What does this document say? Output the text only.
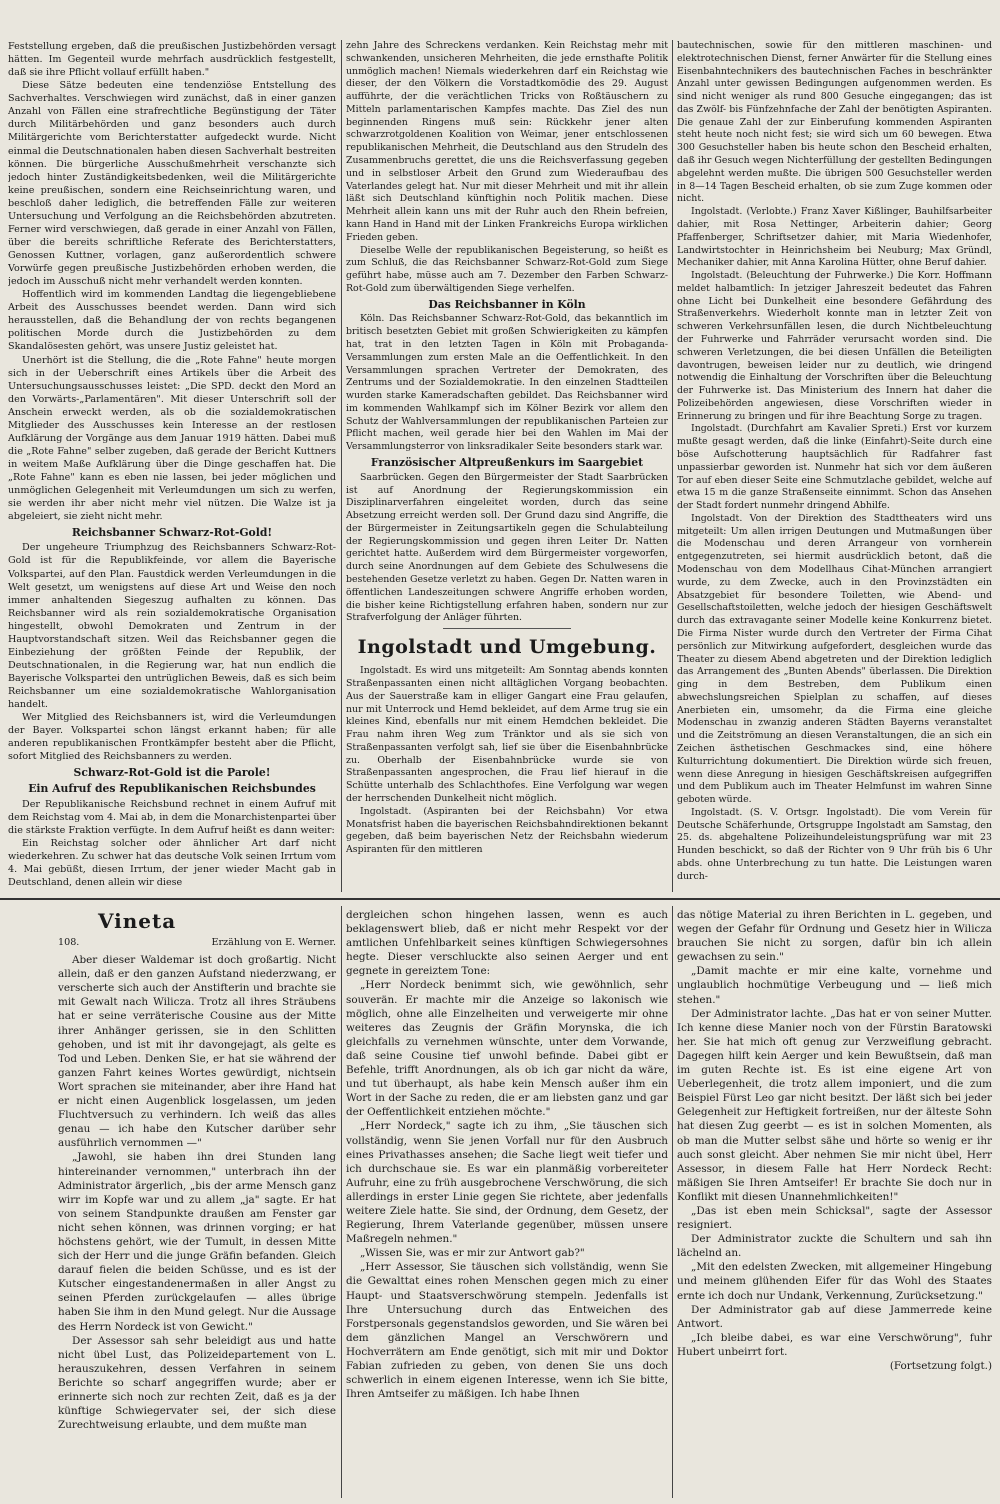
Feststellung ergeben, daß die preußischen Justizbehörden versagt hätten. Im Gegenteil wurde mehrfach ausdrücklich festgestellt, daß sie ihre Pflicht vollauf erfüllt haben."

Diese Sätze bedeuten eine tendenziöse Entstellung des Sachverhaltes. Verschwiegen wird zunächst, daß in einer ganzen Anzahl von Fällen eine strafrechtliche Begünstigung der Täter durch Militärbehörden und ganz besonders auch durch Militärgerichte vom Berichterstatter aufgedeckt wurde. Nicht einmal die Deutschnationalen haben diesen Sachverhalt bestreiten können. Die bürgerliche Ausschußmehrheit verschanzte sich jedoch hinter Zuständigkeitsbedenken, weil die Militärgerichte keine preußischen, sondern eine Reichseinrichtung waren, und beschloß daher lediglich, die betreffenden Fälle zur weiteren Untersuchung und Verfolgung an die Reichsbehörden abzutreten. Ferner wird verschwiegen, daß gerade in einer Anzahl von Fällen, über die bereits schriftliche Referate des Berichterstatters, Genossen Kuttner, vorlagen, ganz außerordentlich schwere Vorwürfe gegen preußische Justizbehörden erhoben werden, die jedoch im Ausschuß nicht mehr verhandelt werden konnten.

Hoffentlich wird im kommenden Landtag die liegengebliebene Arbeit des Ausschusses beendet werden. Dann wird sich herausstellen, daß die Behandlung der von rechts begangenen politischen Morde durch die Justizbehörden zu dem Skandalösesten gehört, was unsere Justiz geleistet hat.

Unerhört ist die Stellung, die die „Rote Fahne" heute morgen sich in der Ueberschrift eines Artikels über die Arbeit des Untersuchungsausschusses leistet: „Die SPD. deckt den Mord an den Vorwärts-„Parlamentären". Mit dieser Unterschrift soll der Anschein erweckt werden, als ob die sozialdemokratischen Mitglieder des Ausschusses kein Interesse an der restlosen Aufklärung der Vorgänge aus dem Januar 1919 hätten. Dabei muß die „Rote Fahne" selber zugeben, daß gerade der Bericht Kuttners in weitem Maße Aufklärung über die Dinge geschaffen hat. Die „Rote Fahne" kann es eben nie lassen, bei jeder möglichen und unmöglichen Gelegenheit mit Verleumdungen um sich zu werfen, sie werden ihr aber nicht mehr viel nützen. Die Walze ist ja abgeleiert, sie zieht nicht mehr.

Reichsbanner Schwarz-Rot-Gold!

Der ungeheure Triumphzug des Reichsbanners Schwarz-Rot-Gold ist für die Republikfeinde, vor allem die Bayerische Volkspartei, auf den Plan. Faustdick werden Verleumdungen in die Welt gesetzt, um wenigstens auf diese Art und Weise den noch immer anhaltenden Siegeszug aufhalten zu können. Das Reichsbanner wird als rein sozialdemokratische Organisation hingestellt, obwohl Demokraten und Zentrum in der Hauptvorstandschaft sitzen. Weil das Reichsbanner gegen die Einbeziehung der größten Feinde der Republik, der Deutschnationalen, in die Regierung war, hat nun endlich die Bayerische Volkspartei den untrüglichen Beweis, daß es sich beim Reichsbanner um eine sozialdemokratische Wahlorganisation handelt.

Wer Mitglied des Reichsbanners ist, wird die Verleumdungen der Bayer. Volkspartei schon längst erkannt haben; für alle anderen republikanischen Frontkämpfer besteht aber die Pflicht, sofort Mitglied des Reichsbanners zu werden.

Schwarz-Rot-Gold ist die Parole!
Ein Aufruf des Republikanischen Reichsbundes

Der Republikanische Reichsbund rechnet in einem Aufruf mit dem Reichstag vom 4. Mai ab, in dem die Monarchistenpartei über die stärkste Fraktion verfügte. In dem Aufruf heißt es dann weiter:

Ein Reichstag solcher oder ähnlicher Art darf nicht wiederkehren. Zu schwer hat das deutsche Volk seinen Irrtum vom 4. Mai gebüßt, diesen Irrtum, der jener wieder Macht gab in Deutschland, denen allein wir diese

zehn Jahre des Schreckens verdanken. Kein Reichstag mehr mit schwankenden, unsicheren Mehrheiten, die jede ernsthafte Politik unmöglich machen! Niemals wiederkehren darf ein Reichstag wie dieser, der den Völkern die Vorstadtkomödie des 29. August aufführte, der die verächtlichen Tricks von Roßtäuschern zu Mitteln parlamentarischen Kampfes machte. Das Ziel des nun beginnenden Ringens muß sein: Rückkehr jener alten schwarzrotgoldenen Koalition von Weimar, jener entschlossenen republikanischen Mehrheit, die Deutschland aus den Strudeln des Zusammenbruchs gerettet, die uns die Reichsverfassung gegeben und in selbstloser Arbeit den Grund zum Wiederaufbau des Vaterlandes gelegt hat. Nur mit dieser Mehrheit und mit ihr allein läßt sich Deutschland künftighin noch Politik machen. Diese Mehrheit allein kann uns mit der Ruhr auch den Rhein befreien, kann Hand in Hand mit der Linken Frankreichs Europa wirklichen Frieden geben.

Dieselbe Welle der republikanischen Begeisterung, so heißt es zum Schluß, die das Reichsbanner Schwarz-Rot-Gold zum Siege geführt habe, müsse auch am 7. Dezember den Farben Schwarz-Rot-Gold zum überwältigenden Siege verhelfen.

Das Reichsbanner in Köln

Köln. Das Reichsbanner Schwarz-Rot-Gold, das bekanntlich im britisch besetzten Gebiet mit großen Schwierigkeiten zu kämpfen hat, trat in den letzten Tagen in Köln mit Probaganda-Versammlungen zum ersten Male an die Oeffentlichkeit. In den Versammlungen sprachen Vertreter der Demokraten, des Zentrums und der Sozialdemokratie. In den einzelnen Stadtteilen wurden starke Kameradschaften gebildet. Das Reichsbanner wird im kommenden Wahlkampf sich im Kölner Bezirk vor allem den Schutz der Wahlversammlungen der republikanischen Parteien zur Pflicht machen, weil gerade hier bei den Wahlen im Mai der Versammlungsterror von linksradikaler Seite besonders stark war.

Französischer Altpreußenkurs im Saargebiet

Saarbrücken. Gegen den Bürgermeister der Stadt Saarbrücken ist auf Anordnung der Regierungskommission ein Disziplinarverfahren eingeleitet worden, durch das seine Absetzung erreicht werden soll. Der Grund dazu sind Angriffe, die der Bürgermeister in Zeitungsartikeln gegen die Schulabteilung der Regierungskommission und gegen ihren Leiter Dr. Natten gerichtet hatte. Außerdem wird dem Bürgermeister vorgeworfen, durch seine Anordnungen auf dem Gebiete des Schulwesens die bestehenden Gesetze verletzt zu haben. Gegen Dr. Natten waren in öffentlichen Landeszeitungen schwere Angriffe erhoben worden, die bisher keine Richtigstellung erfahren haben, sondern nur zur Strafverfolgung der Anläger führten.

Ingolstadt und Umgebung.

Ingolstadt. Es wird uns mitgeteilt: Am Sonntag abends konnten Straßenpassanten einen nicht alltäglichen Vorgang beobachten. Aus der Sauerstraße kam in elliger Gangart eine Frau gelaufen, nur mit Unterrock und Hemd bekleidet, auf dem Arme trug sie ein kleines Kind, ebenfalls nur mit einem Hemdchen bekleidet. Die Frau nahm ihren Weg zum Tränktor und als sie sich von Straßenpassanten verfolgt sah, lief sie über die Eisenbahnbrücke zu. Oberhalb der Eisenbahnbrücke wurde sie von Straßenpassanten angesprochen, die Frau lief hierauf in die Schütte unterhalb des Schlachthofes. Eine Verfolgung war wegen der herrschenden Dunkelheit nicht möglich.

Ingolstadt. (Aspiranten bei der Reichsbahn) Vor etwa Monatsfrist haben die bayerischen Reichsbahndirektionen bekannt gegeben, daß beim bayerischen Netz der Reichsbahn wiederum Aspiranten für den mittleren

bautechnischen, sowie für den mittleren maschinen- und elektrotechnischen Dienst, ferner Anwärter für die Stellung eines Eisenbahntechnikers des bautechnischen Faches in beschränkter Anzahl unter gewissen Bedingungen aufgenommen werden. Es sind nicht weniger als rund 800 Gesuche eingegangen; das ist das Zwölf- bis Fünfzehnfache der Zahl der benötigten Aspiranten. Die genaue Zahl der zur Einberufung kommenden Aspiranten steht heute noch nicht fest; sie wird sich um 60 bewegen. Etwa 300 Gesuchsteller haben bis heute schon den Bescheid erhalten, daß ihr Gesuch wegen Nichterfüllung der gestellten Bedingungen abgelehnt werden mußte. Die übrigen 500 Gesuchsteller werden in 8—14 Tagen Bescheid erhalten, ob sie zum Zuge kommen oder nicht.

Ingolstadt. (Verlobte.) Franz Xaver Kißlinger, Bauhilfsarbeiter dahier, mit Rosa Nettinger, Arbeiterin dahier; Georg Pfaffenberger, Schriftsetzer dahier, mit Maria Wiedenhofer, Landwirtstochter in Heinrichsheim bei Neuburg; Max Gründl, Mechaniker dahier, mit Anna Karolina Hütter, ohne Beruf dahier.

Ingolstadt. (Beleuchtung der Fuhrwerke.) Die Korr. Hoffmann meldet halbamtlich: In jetziger Jahreszeit bedeutet das Fahren ohne Licht bei Dunkelheit eine besondere Gefährdung des Straßenverkehrs. Wiederholt konnte man in letzter Zeit von schweren Verkehrsunfällen lesen, die durch Nichtbeleuchtung der Fuhrwerke und Fahrräder verursacht worden sind. Die schweren Verletzungen, die bei diesen Unfällen die Beteiligten davontrugen, beweisen leider nur zu deutlich, wie dringend notwendig die Einhaltung der Vorschriften über die Beleuchtung der Fuhrwerke ist. Das Ministerium des Innern hat daher die Polizeibehörden angewiesen, diese Vorschriften wieder in Erinnerung zu bringen und für ihre Beachtung Sorge zu tragen.

Ingolstadt. (Durchfahrt am Kavalier Spreti.) Erst vor kurzem mußte gesagt werden, daß die linke (Einfahrt)-Seite durch eine böse Aufschotterung hauptsächlich für Radfahrer fast unpassierbar geworden ist. Nunmehr hat sich vor dem äußeren Tor auf eben dieser Seite eine Schmutzlache gebildet, welche auf etwa 15 m die ganze Straßenseite einnimmt. Schon das Ansehen der Stadt fordert nunmehr dringend Abhilfe.

Ingolstadt. Von der Direktion des Stadttheaters wird uns mitgeteilt: Um allen irrigen Deutungen und Mutmaßungen über die Modenschau und deren Arrangeur von vornherein entgegenzutreten, sei hiermit ausdrücklich betont, daß die Modenschau von dem Modellhaus Cihat-München arrangiert wurde, zu dem Zwecke, auch in den Provinzstädten ein Absatzgebiet für besondere Toiletten, wie Abend- und Gesellschaftstoiletten, welche jedoch der hiesigen Geschäftswelt durch das extravagante seiner Modelle keine Konkurrenz bietet. Die Firma Nister wurde durch den Vertreter der Firma Cihat persönlich zur Mitwirkung aufgefordert, desgleichen wurde das Theater zu diesem Abend abgetreten und der Direktion lediglich das Arrangement des „Bunten Abends" überlassen. Die Direktion ging in dem Bestreben, dem Publikum einen abwechslungsreichen Spielplan zu schaffen, auf dieses Anerbieten ein, umsomehr, da die Firma eine gleiche Modenschau in zwanzig anderen Städten Bayerns veranstaltet und die Zeitströmung an diesen Veranstaltungen, die an sich ein Zeichen ästhetischen Geschmackes sind, eine höhere Kulturrichtung dokumentiert. Die Direktion würde sich freuen, wenn diese Anregung in hiesigen Geschäftskreisen aufgegriffen und dem Publikum auch im Theater Helmfunst im wahren Sinne geboten würde.

Ingolstadt. (S. V. Ortsgr. Ingolstadt). Die vom Verein für Deutsche Schäferhunde, Ortsgruppe Ingolstadt am Samstag, den 25. ds. abgehaltene Polizeihundeleistungsprüfung war mit 23 Hunden beschickt, so daß der Richter von 9 Uhr früh bis 6 Uhr abds. ohne Unterbrechung zu tun hatte. Die Leistungen waren durch-

Vineta
108.	Erzählung von E. Werner.

Aber dieser Waldemar ist doch großartig. Nicht allein, daß er den ganzen Aufstand niederzwang, er verscherte sich auch der Anstifterin und brachte sie mit Gewalt nach Wilicza. Trotz all ihres Sträubens hat er seine verräterische Cousine aus der Mitte ihrer Anhänger gerissen, sie in den Schlitten gehoben, und ist mit ihr davongejagt, als gelte es Tod und Leben. Denken Sie, er hat sie während der ganzen Fahrt keines Wortes gewürdigt, nichtsein Wort sprachen sie miteinander, aber ihre Hand hat er nicht einen Augenblick losgelassen, um jeden Fluchtversuch zu verhindern. Ich weiß das alles genau — ich habe den Kutscher darüber sehr ausführlich vernommen —"

„Jawohl, sie haben ihn drei Stunden lang hintereinander vernommen," unterbrach ihn der Administrator ärgerlich, „bis der arme Mensch ganz wirr im Kopfe war und zu allem „ja" sagte. Er hat von seinem Standpunkte draußen am Fenster gar nicht sehen können, was drinnen vorging; er hat höchstens gehört, wie der Tumult, in dessen Mitte sich der Herr und die junge Gräfin befanden. Gleich darauf fielen die beiden Schüsse, und es ist der Kutscher eingestandenermaßen in aller Angst zu seinen Pferden zurückgelaufen — alles übrige haben Sie ihm in den Mund gelegt. Nur die Aussage des Herrn Nordeck ist von Gewicht."

Der Assessor sah sehr beleidigt aus und hatte nicht übel Lust, das Polizeidepartement von L. herauszukehren, dessen Verfahren in seinem Berichte so scharf angegriffen wurde; aber er erinnerte sich noch zur rechten Zeit, daß es ja der künftige Schwiegervater sei, der sich diese Zurechtweisung erlaubte, und dem mußte man

dergleichen schon hingehen lassen, wenn es auch beklagenswert blieb, daß er nicht mehr Respekt vor der amtlichen Unfehlbarkeit seines künftigen Schwiegersohnes hegte. Dieser verschluckte also seinen Aerger und ent gegnete in gereiztem Tone:

„Herr Nordeck benimmt sich, wie gewöhnlich, sehr souverän. Er machte mir die Anzeige so lakonisch wie möglich, ohne alle Einzelheiten und verweigerte mir ohne weiteres das Zeugnis der Gräfin Morynska, die ich gleichfalls zu vernehmen wünschte, unter dem Vorwande, daß seine Cousine tief unwohl befinde. Dabei gibt er Befehle, trifft Anordnungen, als ob ich gar nicht da wäre, und tut überhaupt, als habe kein Mensch außer ihm ein Wort in der Sache zu reden, die er am liebsten ganz und gar der Oeffentlichkeit entziehen möchte."

„Herr Nordeck," sagte ich zu ihm, „Sie täuschen sich vollständig, wenn Sie jenen Vorfall nur für den Ausbruch eines Privathasses ansehen; die Sache liegt weit tiefer und ich durchschaue sie. Es war ein planmäßig vorbereiteter Aufruhr, eine zu früh ausgebrochene Verschwörung, die sich allerdings in erster Linie gegen Sie richtete, aber jedenfalls weitere Ziele hatte. Sie sind, der Ordnung, dem Gesetz, der Regierung, Ihrem Vaterlande gegenüber, müssen unsere Maßregeln nehmen."

„Wissen Sie, was er mir zur Antwort gab?"

„Herr Assessor, Sie täuschen sich vollständig, wenn Sie die Gewalttat eines rohen Menschen gegen mich zu einer Haupt- und Staatsverschwörung stempeln. Jedenfalls ist Ihre Untersuchung durch das Entweichen des Forstpersonals gegenstandslos geworden, und Sie wären bei dem gänzlichen Mangel an Verschwörern und Hochverrätern am Ende genötigt, sich mit mir und Doktor Fabian zufrieden zu geben, von denen Sie uns doch schwerlich in einem eigenen Interesse, wenn ich Sie bitte, Ihren Amtseifer zu mäßigen. Ich habe Ihnen

das nötige Material zu ihren Berichten in L. gegeben, und wegen der Gefahr für Ordnung und Gesetz hier in Wilicza brauchen Sie nicht zu sorgen, dafür bin ich allein gewachsen zu sein."

„Damit machte er mir eine kalte, vornehme und unglaublich hochmütige Verbeugung und — ließ mich stehen."

Der Administrator lachte. „Das hat er von seiner Mutter. Ich kenne diese Manier noch von der Fürstin Baratowski her. Sie hat mich oft genug zur Verzweiflung gebracht. Dagegen hilft kein Aerger und kein Bewußtsein, daß man im guten Rechte ist. Es ist eine eigene Art von Ueberlegenheit, die trotz allem imponiert, und die zum Beispiel Fürst Leo gar nicht besitzt. Der läßt sich bei jeder Gelegenheit zur Heftigkeit fortreißen, nur der älteste Sohn hat diesen Zug geerbt — es ist in solchen Momenten, als ob man die Mutter selbst sähe und hörte so wenig er ihr auch sonst gleicht. Aber nehmen Sie mir nicht übel, Herr Assessor, in diesem Falle hat Herr Nordeck Recht: mäßigen Sie Ihren Amtseifer! Er brachte Sie doch nur in Konflikt mit diesen Unannehmlichkeiten!"

„Das ist eben mein Schicksal", sagte der Assessor resigniert.

Der Administrator zuckte die Schultern und sah ihn lächelnd an.

„Mit den edelsten Zwecken, mit allgemeiner Hingebung und meinem glühenden Eifer für das Wohl des Staates ernte ich doch nur Undank, Verkennung, Zurücksetzung."

Der Administrator gab auf diese Jammerrede keine Antwort.

„Ich bleibe dabei, es war eine Verschwörung", fuhr Hubert unbeirrt fort.

(Fortsetzung folgt.)
